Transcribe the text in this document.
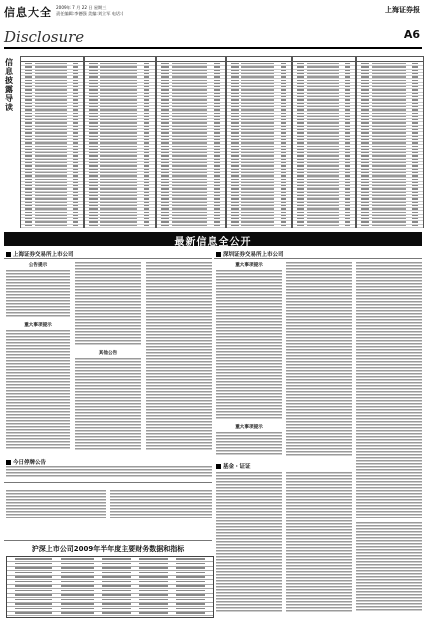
信息大全
Disclosure
2009年 7 月 22 日 星期三
责任编辑:李德强 美编:刘立军 电话:(	上海证券报
A6
信息披露导读
最新信息全公开
上海证券交易所上市公司
公告提示
重大事项提示
其他公告
深圳证券交易所上市公司
重大事项提示
重大事项提示
基金・证证
今日停牌公告
沪深上市公司2009年半年度主要财务数据和指标
